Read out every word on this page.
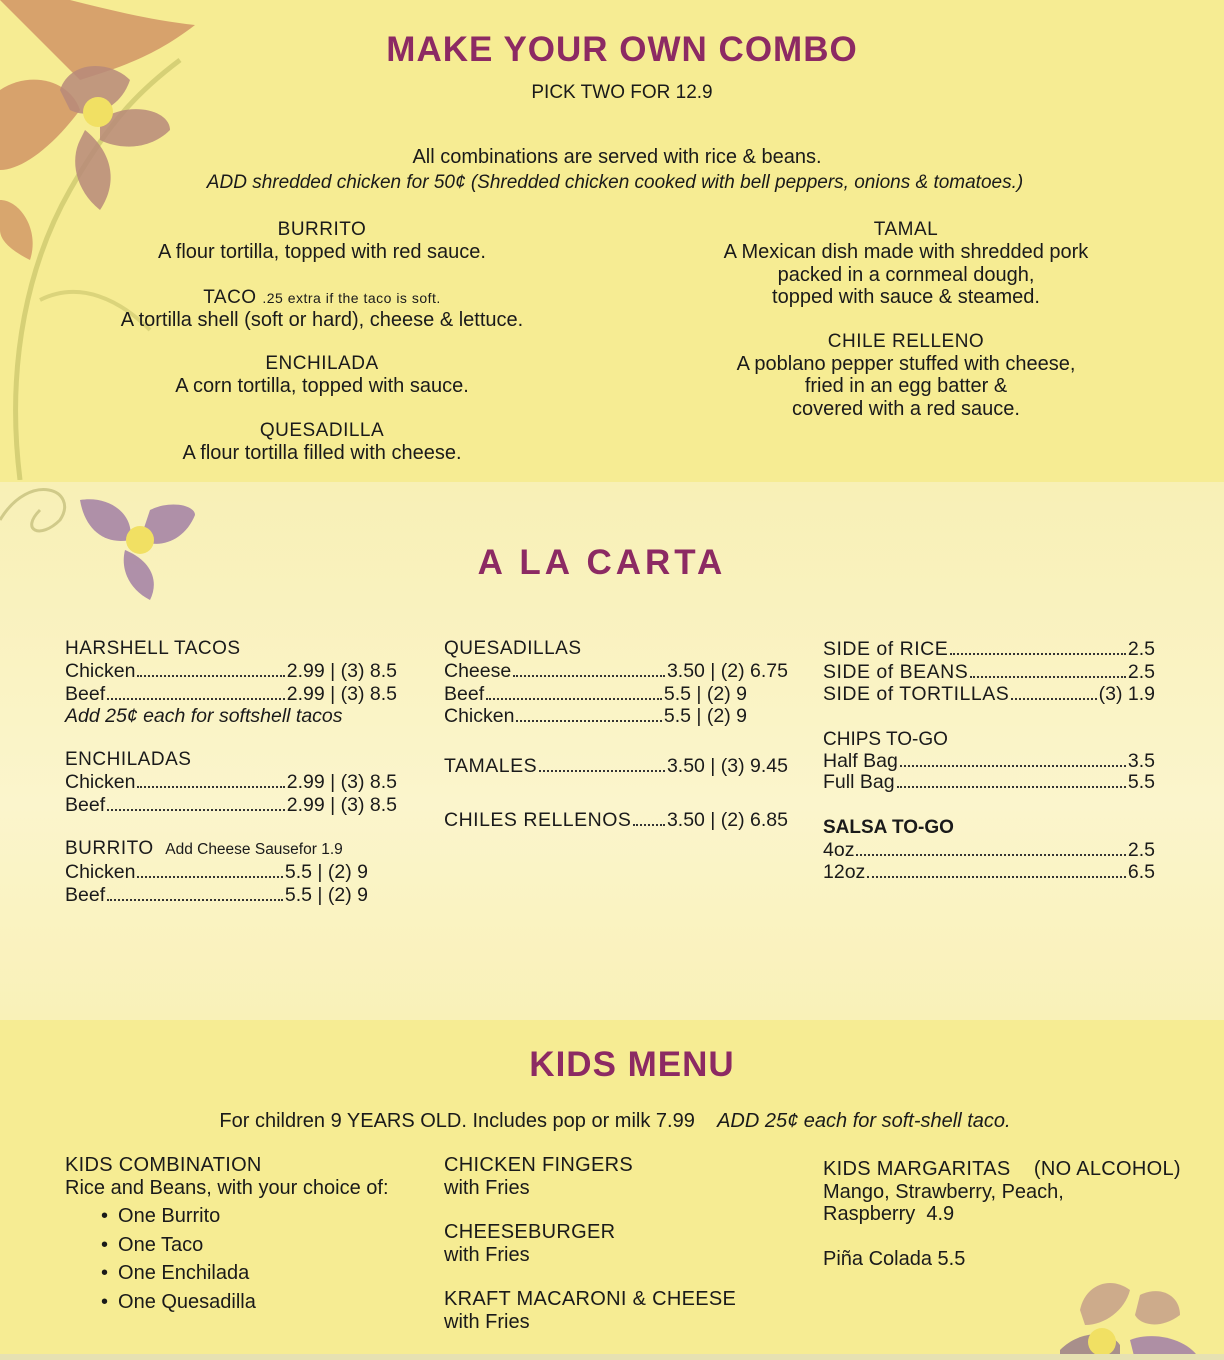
MAKE YOUR OWN COMBO
PICK TWO FOR 12.9
All combinations are served with rice & beans.
ADD shredded chicken for 50¢ (Shredded chicken cooked with bell peppers, onions & tomatoes.)
BURRITO
A flour tortilla, topped with red sauce.
TACO .25 extra if the taco is soft.
A tortilla shell (soft or hard), cheese & lettuce.
ENCHILADA
A corn tortilla, topped with sauce.
QUESADILLA
A flour tortilla filled with cheese.
TAMAL
A Mexican dish made with shredded pork
packed in a cornmeal dough,
topped with sauce & steamed.
CHILE RELLENO
A poblano pepper stuffed with cheese,
fried in an egg batter &
covered with a red sauce.
A LA CARTA
HARSHELL TACOS
Chicken	2.99 | (3) 8.5
Beef	2.99 | (3) 8.5
Add 25¢ each for softshell tacos
ENCHILADAS
Chicken	2.99 | (3) 8.5
Beef	2.99 | (3) 8.5
BURRITO Add Cheese Sausefor 1.9
Chicken	5.5 | (2) 9
Beef	5.5 | (2) 9
QUESADILLAS
Cheese	3.50 | (2) 6.75
Beef	5.5 | (2) 9
Chicken	5.5 | (2) 9
TAMALES	3.50 | (3) 9.45
CHILES RELLENOS 3.50 | (2) 6.85
SIDE of RICE	2.5
SIDE of BEANS	2.5
SIDE of TORTILLAS	(3) 1.9
CHIPS TO-GO
Half Bag	3.5
Full Bag	5.5
SALSA TO-GO
4oz	2.5
12oz	6.5
KIDS MENU
For children 9 YEARS OLD. Includes pop or milk 7.99 ADD 25¢ each for soft-shell taco.
KIDS COMBINATION
Rice and Beans, with your choice of:
• One Burrito
• One Taco
• One Enchilada
• One Quesadilla
CHICKEN FINGERS
with Fries
CHEESEBURGER
with Fries
KRAFT MACARONI & CHEESE
with Fries
KIDS MARGARITAS    (NO ALCOHOL)
Mango, Strawberry, Peach,
Raspberry  4.9
Piña Colada 5.5
